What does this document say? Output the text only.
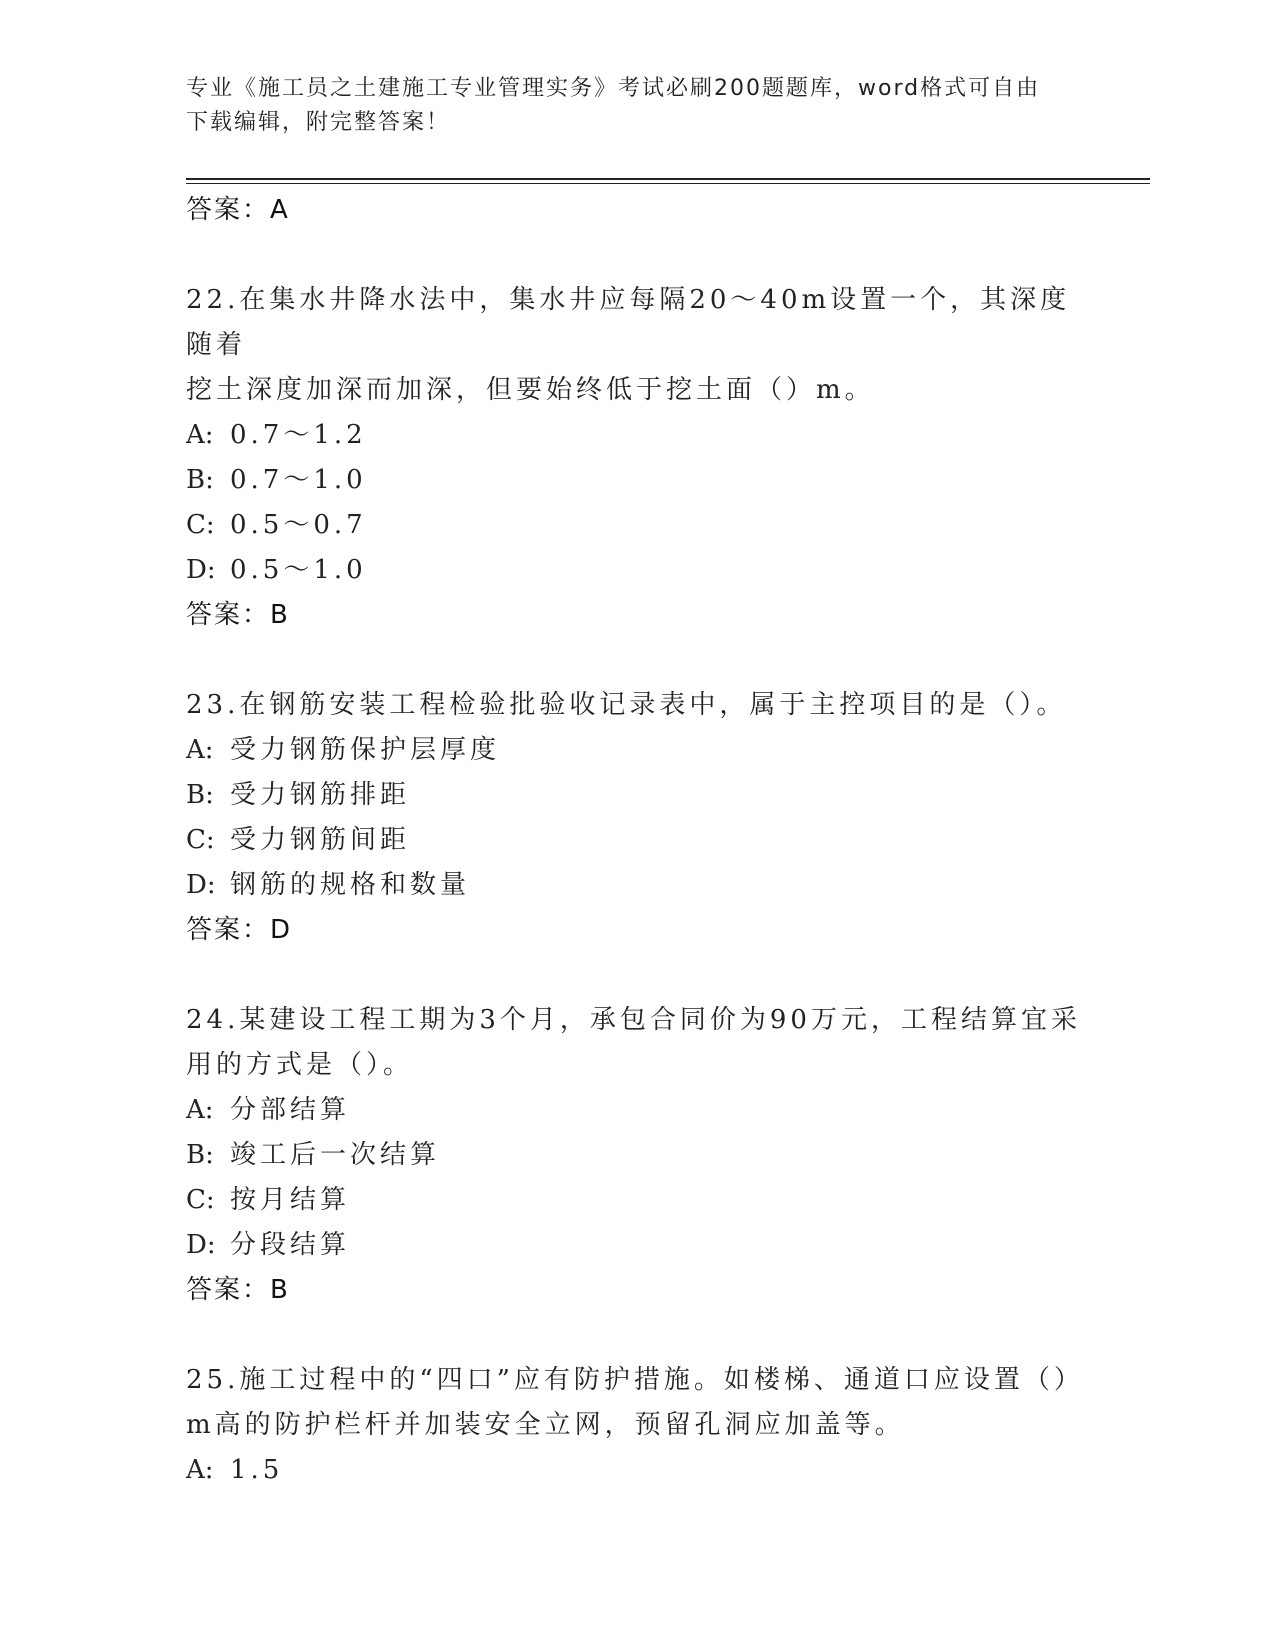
专业《施工员之土建施工专业管理实务》考试必刷200题题库，word格式可自由
下载编辑，附完整答案！
答案：A
22.在集水井降水法中，集水井应每隔20～40m设置一个，其深度随着
挖土深度加深而加深，但要始终低于挖土面（）m。
A: 0.7～1.2
B: 0.7～1.0
C: 0.5～0.7
D: 0.5～1.0
答案：B
23.在钢筋安装工程检验批验收记录表中，属于主控项目的是（）。
A: 受力钢筋保护层厚度
B: 受力钢筋排距
C: 受力钢筋间距
D: 钢筋的规格和数量
答案：D
24.某建设工程工期为3个月，承包合同价为90万元，工程结算宜采
用的方式是（）。
A: 分部结算
B: 竣工后一次结算
C: 按月结算
D: 分段结算
答案：B
25.施工过程中的“四口”应有防护措施。如楼梯、通道口应设置（）
m高的防护栏杆并加装安全立网，预留孔洞应加盖等。
A: 1.5
